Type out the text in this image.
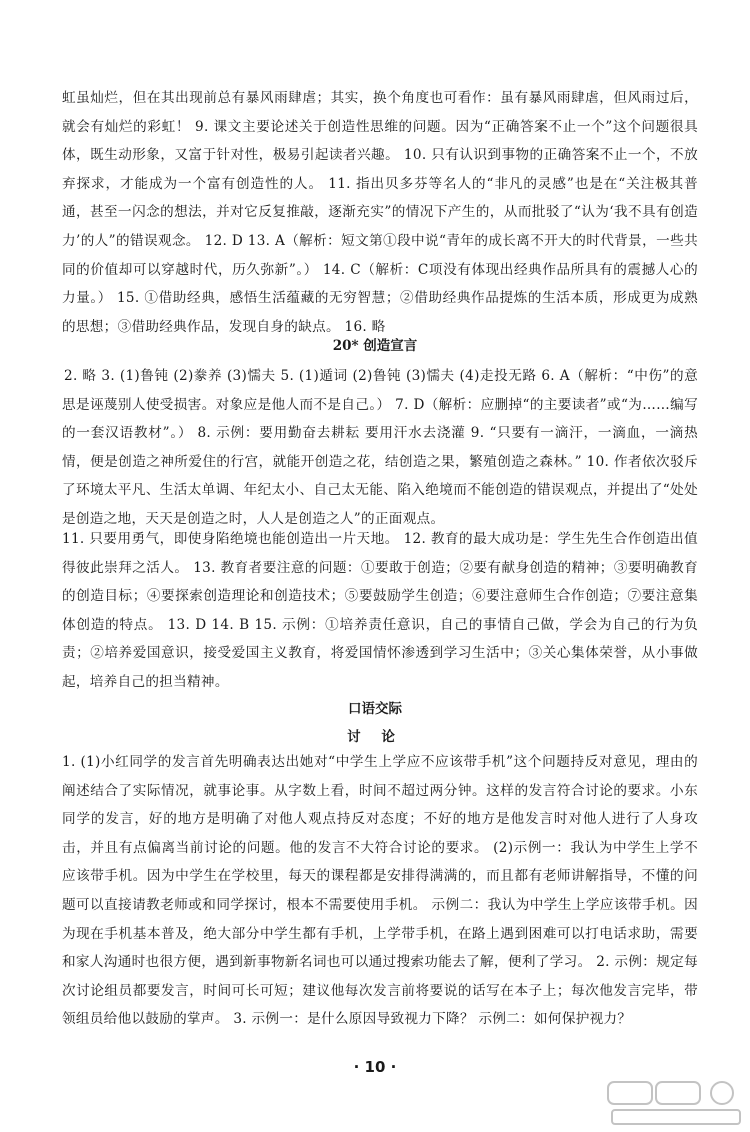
虹虽灿烂，但在其出现前总有暴风雨肆虐；其实，换个角度也可看作：虽有暴风雨肆虐，但风雨过后，就会有灿烂的彩虹！ 9. 课文主要论述关于创造性思维的问题。因为“正确答案不止一个”这个问题很具体，既生动形象，又富于针对性，极易引起读者兴趣。 10. 只有认识到事物的正确答案不止一个，不放弃探求，才能成为一个富有创造性的人。 11. 指出贝多芬等名人的“非凡的灵感”也是在“关注极其普通，甚至一闪念的想法，并对它反复推敲，逐渐充实”的情况下产生的，从而批驳了“认为‘我不具有创造力’的人”的错误观念。 12. D 13. A（解析：短文第①段中说“青年的成长离不开大的时代背景，一些共同的价值却可以穿越时代，历久弥新”。） 14. C（解析：C项没有体现出经典作品所具有的震撼人心的力量。） 15. ①借助经典，感悟生活蕴藏的无穷智慧；②借助经典作品提炼的生活本质，形成更为成熟的思想；③借助经典作品，发现自身的缺点。 16. 略

20* 创造宣言

2. 略 3. (1)鲁钝 (2)豢养 (3)懦夫 5. (1)遁词 (2)鲁钝 (3)懦夫 (4)走投无路 6. A（解析：“中伤”的意思是诬蔑别人使受损害。对象应是他人而不是自己。） 7. D（解析：应删掉“的主要读者”或“为……编写的一套汉语教材”。） 8. 示例：要用勤奋去耕耘 要用汗水去浇灌 9. “只要有一滴汗，一滴血，一滴热情，便是创造之神所爱住的行宫，就能开创造之花，结创造之果，繁殖创造之森林。” 10. 作者依次驳斥了环境太平凡、生活太单调、年纪太小、自己太无能、陷入绝境而不能创造的错误观点，并提出了“处处是创造之地，天天是创造之时，人人是创造之人”的正面观点。

11. 只要用勇气，即使身陷绝境也能创造出一片天地。 12. 教育的最大成功是：学生先生合作创造出值得彼此崇拜之活人。 13. 教育者要注意的问题：①要敢于创造；②要有献身创造的精神；③要明确教育的创造目标；④要探索创造理论和创造技术；⑤要鼓励学生创造；⑥要注意师生合作创造；⑦要注意集体创造的特点。 13. D 14. B 15. 示例：①培养责任意识，自己的事情自己做，学会为自己的行为负责；②培养爱国意识，接受爱国主义教育，将爱国情怀渗透到学习生活中；③关心集体荣誉，从小事做起，培养自己的担当精神。

口语交际
讨 论

1. (1)小红同学的发言首先明确表达出她对“中学生上学应不应该带手机”这个问题持反对意见，理由的阐述结合了实际情况，就事论事。从字数上看，时间不超过两分钟。这样的发言符合讨论的要求。小东同学的发言，好的地方是明确了对他人观点持反对态度；不好的地方是他发言时对他人进行了人身攻击，并且有点偏离当前讨论的问题。他的发言不大符合讨论的要求。 (2)示例一：我认为中学生上学不应该带手机。因为中学生在学校里，每天的课程都是安排得满满的，而且都有老师讲解指导，不懂的问题可以直接请教老师或和同学探讨，根本不需要使用手机。 示例二：我认为中学生上学应该带手机。因为现在手机基本普及，绝大部分中学生都有手机，上学带手机，在路上遇到困难可以打电话求助，需要和家人沟通时也很方便，遇到新事物新名词也可以通过搜索功能去了解，便利了学习。 2. 示例：规定每次讨论组员都要发言，时间可长可短；建议他每次发言前将要说的话写在本子上；每次他发言完毕，带领组员给他以鼓励的掌声。 3. 示例一：是什么原因导致视力下降？ 示例二：如何保护视力？

· 10 ·
